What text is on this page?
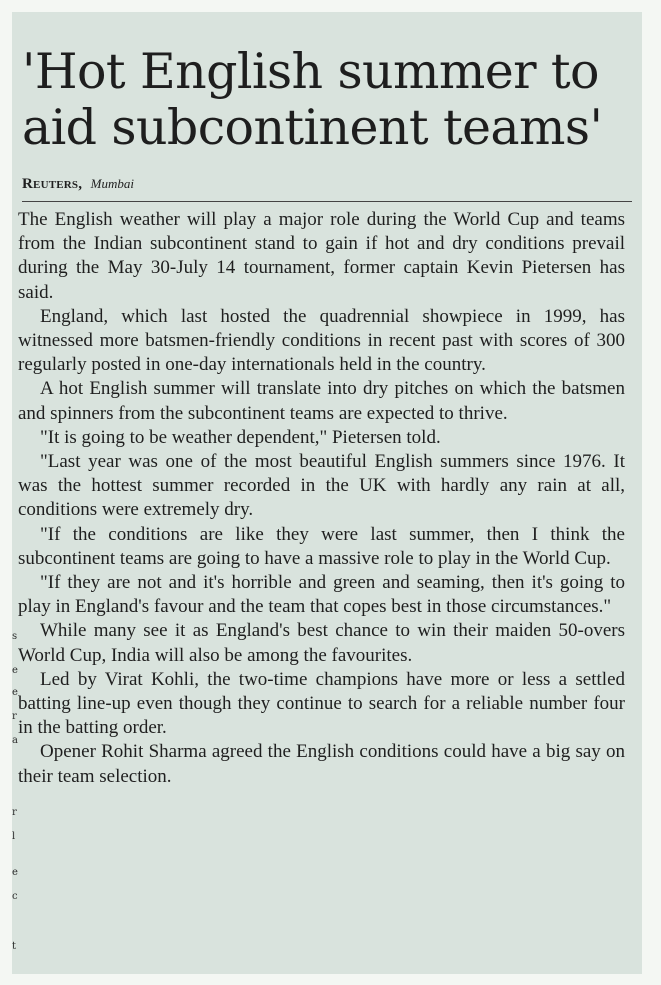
s
e
e
r
a
r
l
e
c
t
'Hot English summer to aid subcontinent teams'
Reuters, Mumbai

The English weather will play a major role during the World Cup and teams from the Indian subcontinent stand to gain if hot and dry conditions prevail during the May 30-July 14 tournament, former captain Kevin Pietersen has said.

England, which last hosted the quadrennial showpiece in 1999, has witnessed more batsmen-friendly conditions in recent past with scores of 300 regularly posted in one-day internationals held in the country.

A hot English summer will translate into dry pitches on which the batsmen and spinners from the subcontinent teams are expected to thrive.

"It is going to be weather dependent," Pietersen told.

"Last year was one of the most beautiful English summers since 1976. It was the hottest summer recorded in the UK with hardly any rain at all, conditions were extremely dry.

"If the conditions are like they were last summer, then I think the subcontinent teams are going to have a massive role to play in the World Cup.

"If they are not and it's horrible and green and seaming, then it's going to play in England's favour and the team that copes best in those circumstances."

While many see it as England's best chance to win their maiden 50-overs World Cup, India will also be among the favourites.

Led by Virat Kohli, the two-time champions have more or less a settled batting line-up even though they continue to search for a reliable number four in the batting order.

Opener Rohit Sharma agreed the English conditions could have a big say on their team selection.
